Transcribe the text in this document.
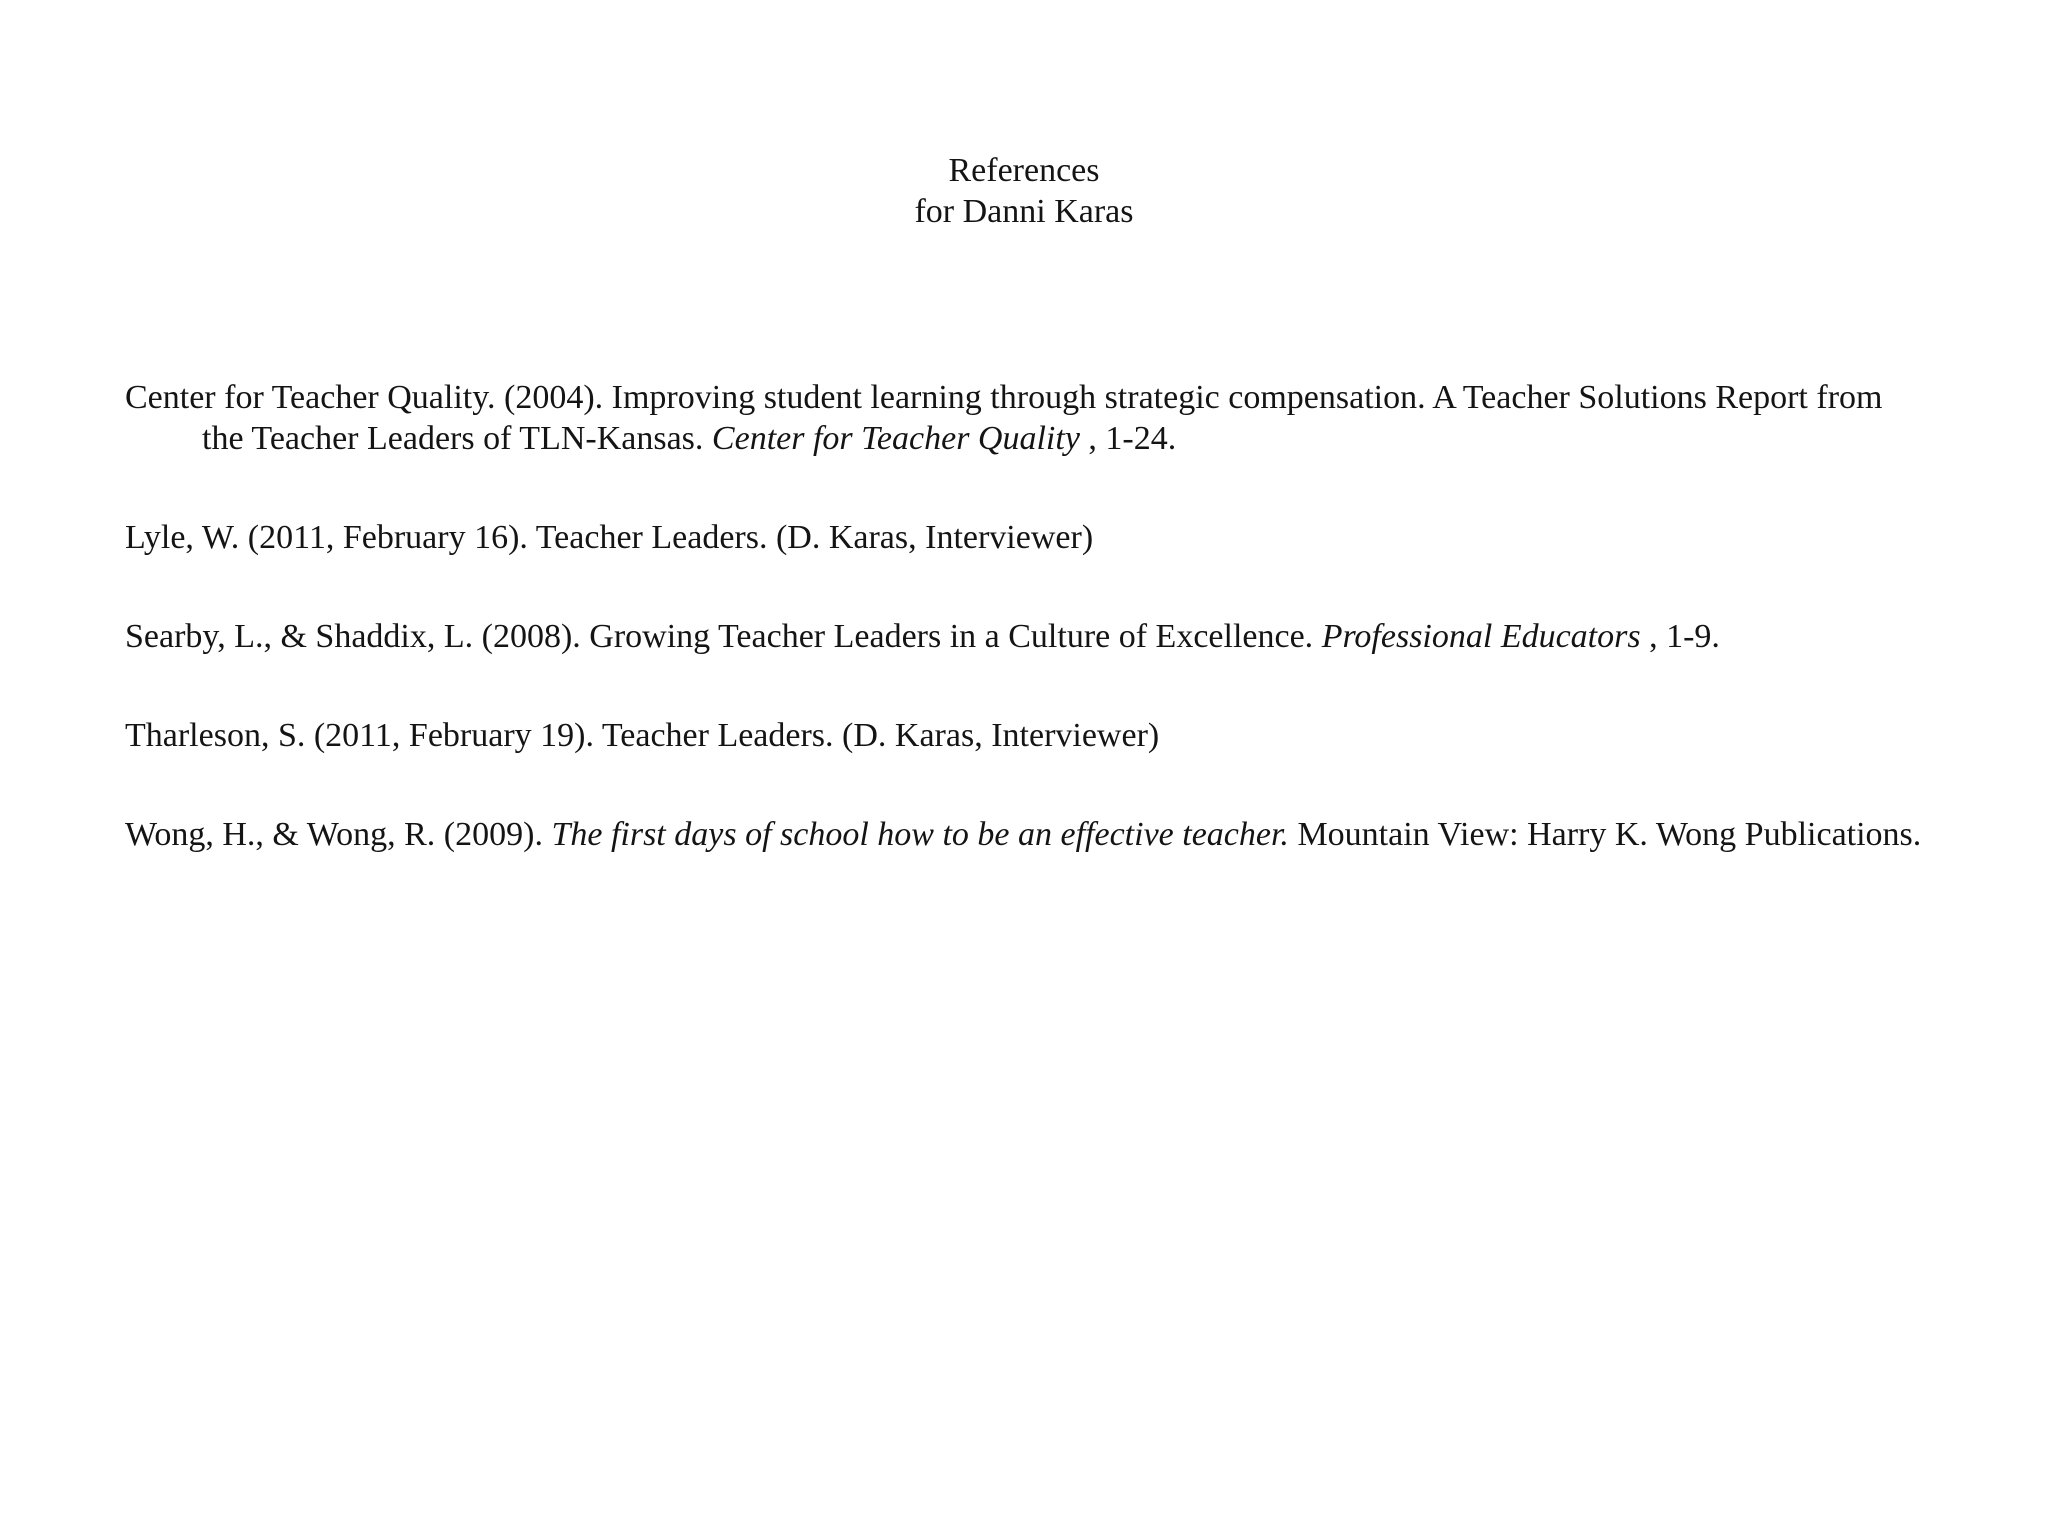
References
for Danni Karas

Center for Teacher Quality. (2004). Improving student learning through strategic compensation. A Teacher Solutions Report from the Teacher Leaders of TLN-Kansas. Center for Teacher Quality , 1-24.

Lyle, W. (2011, February 16). Teacher Leaders. (D. Karas, Interviewer)

Searby, L., & Shaddix, L. (2008). Growing Teacher Leaders in a Culture of Excellence. Professional Educators , 1-9.

Tharleson, S. (2011, February 19). Teacher Leaders. (D. Karas, Interviewer)

Wong, H., & Wong, R. (2009). The first days of school how to be an effective teacher. Mountain View: Harry K. Wong Publications.
